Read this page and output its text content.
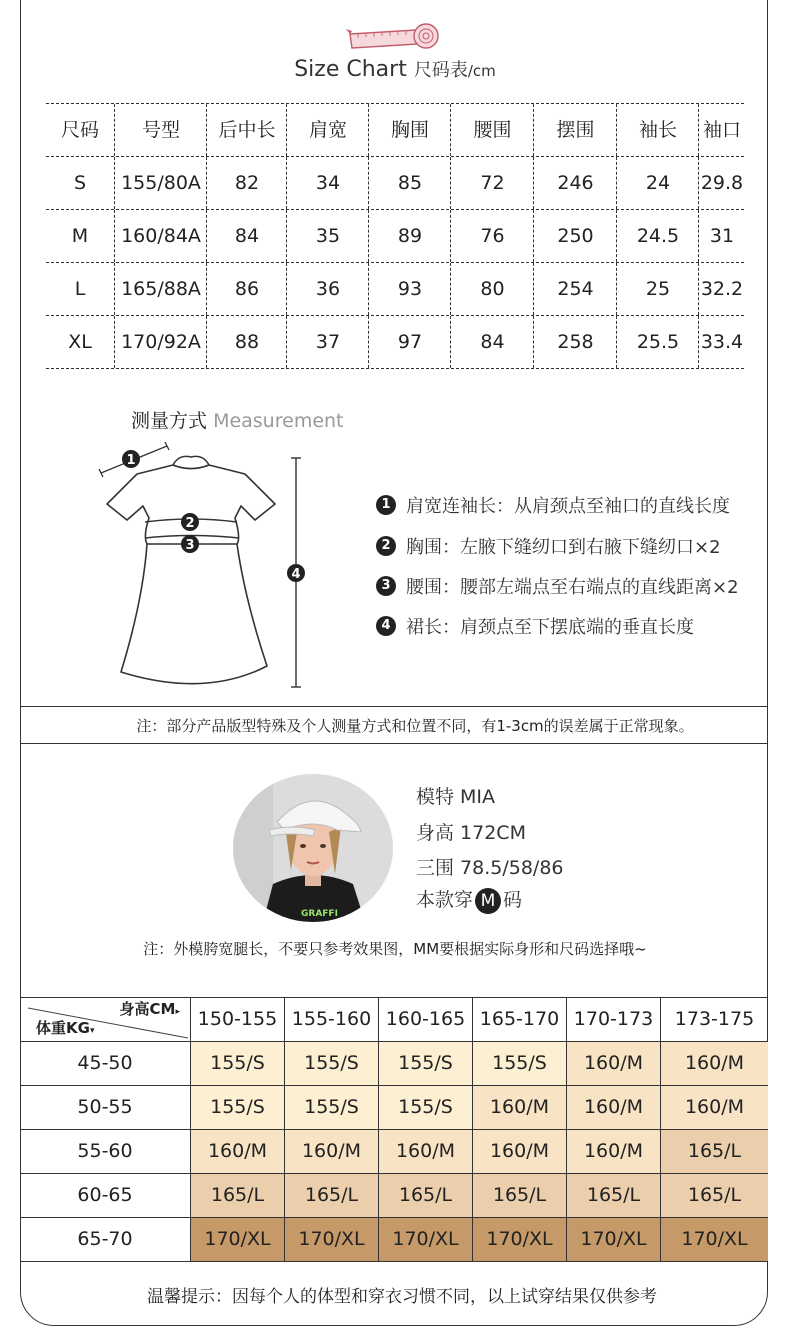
Size Chart 尺码表/cm
尺码	号型	后中长	肩宽	胸围	腰围	摆围	袖长	袖口
S	155/80A	82	34	85	72	246	24	29.8
M	160/84A	84	35	89	76	250	24.5	31
L	165/88A	86	36	93	80	254	25	32.2
XL	170/92A	88	37	97	84	258	25.5	33.4
测量方式 Measurement
1
2
3
4
1 肩宽连袖长：从肩颈点至袖口的直线长度
2 胸围：左腋下缝纫口到右腋下缝纫口×2
3 腰围：腰部左端点至右端点的直线距离×2
4 裙长：肩颈点至下摆底端的垂直长度
注：部分产品版型特殊及个人测量方式和位置不同，有1-3cm的误差属于正常现象。
GRAFFI
模特 MIA
身高 172CM
三围 78.5/58/86
本款穿 M 码
注：外模胯宽腿长，不要只参考效果图，MM要根据实际身形和尺码选择哦~
身高CM▸
体重KG▾
150-155 155-160 160-165 165-170 170-173	173-175
45-50	155/S	155/S	155/S	155/S	160/M	160/M
50-55	155/S	155/S	155/S	160/M	160/M	160/M
55-60	160/M	160/M	160/M	160/M	160/M	165/L
60-65	165/L	165/L	165/L	165/L	165/L	165/L
65-70	170/XL	170/XL	170/XL	170/XL	170/XL	170/XL
温馨提示：因每个人的体型和穿衣习惯不同，以上试穿结果仅供参考
